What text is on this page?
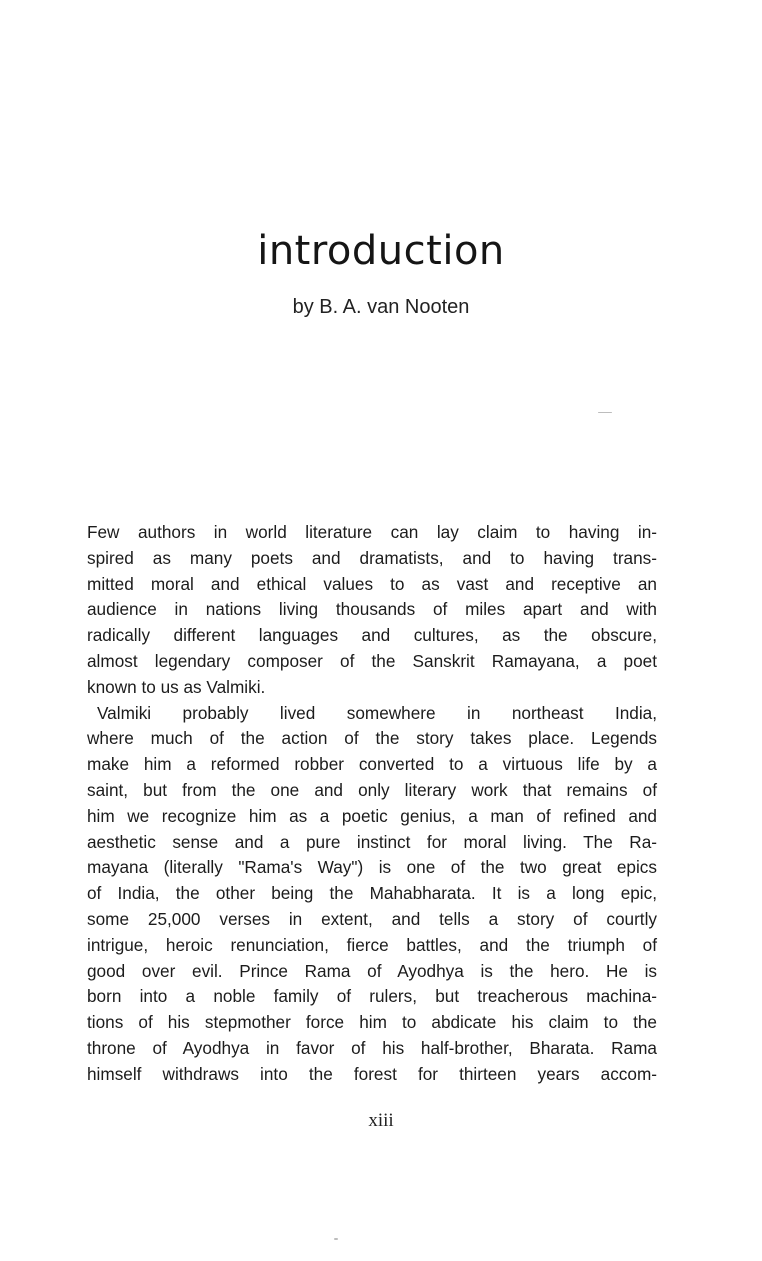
introduction
by B. A. van Nooten
Few authors in world literature can lay claim to having in-
spired as many poets and dramatists, and to having trans-
mitted moral and ethical values to as vast and receptive an
audience in nations living thousands of miles apart and with
radically different languages and cultures, as the obscure,
almost legendary composer of the Sanskrit Ramayana, a poet
known to us as Valmiki.
Valmiki probably lived somewhere in northeast India,
where much of the action of the story takes place. Legends
make him a reformed robber converted to a virtuous life by a
saint, but from the one and only literary work that remains of
him we recognize him as a poetic genius, a man of refined and
aesthetic sense and a pure instinct for moral living. The Ra-
mayana (literally "Rama's Way") is one of the two great epics
of India, the other being the Mahabharata. It is a long epic,
some 25,000 verses in extent, and tells a story of courtly
intrigue, heroic renunciation, fierce battles, and the triumph of
good over evil. Prince Rama of Ayodhya is the hero. He is
born into a noble family of rulers, but treacherous machina-
tions of his stepmother force him to abdicate his claim to the
throne of Ayodhya in favor of his half-brother, Bharata. Rama
himself withdraws into the forest for thirteen years accom-
xiii
